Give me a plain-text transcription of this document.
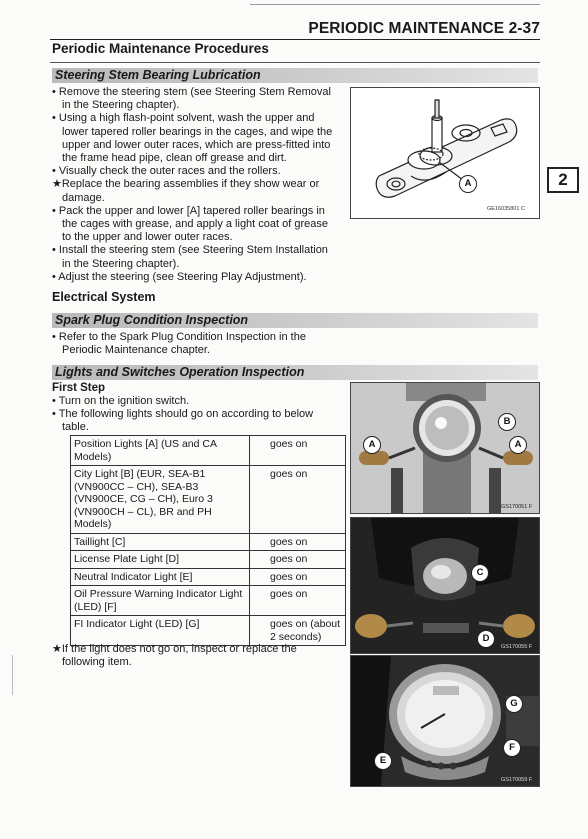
PERIODIC MAINTENANCE 2-37
Periodic Maintenance Procedures
Steering Stem Bearing Lubrication

• Remove the steering stem (see Steering Stem Removal in the Steering chapter).

• Using a high flash-point solvent, wash the upper and lower tapered roller bearings in the cages, and wipe the upper and lower outer races, which are press-fitted into the frame head pipe, clean off grease and dirt.

• Visually check the outer races and the rollers.

★Replace the bearing assemblies if they show wear or damage.

• Pack the upper and lower [A] tapered roller bearings in the cages with grease, and apply a light coat of grease to the upper and lower outer races.

• Install the steering stem (see Steering Stem Installation in the Steering chapter).

• Adjust the steering (see Steering Play Adjustment).

A
GE16035801 C
2
Electrical System
Spark Plug Condition Inspection

• Refer to the Spark Plug Condition Inspection in the Periodic Maintenance chapter.

Lights and Switches Operation Inspection
First Step

• Turn on the ignition switch.

• The following lights should go on according to below table.

Position Lights [A] (US and CA Models)	goes on
City Light [B] (EUR, SEA-B1 (VN900CC – CH), SEA-B3 (VN900CE, CG – CH), Euro 3 (VN900CH – CL), BR and PH Models)	goes on
Taillight [C]	goes on
License Plate Light [D]	goes on
Neutral Indicator Light [E]	goes on
Oil Pressure Warning Indicator Light (LED) [F]	goes on
FI Indicator Light (LED) [G]	goes on (about 2 seconds)

★If the light does not go on, inspect or replace the following item.

B
A	A
GS170051 F
C
D
GS170055 F
G
F
E
GS170059 F
